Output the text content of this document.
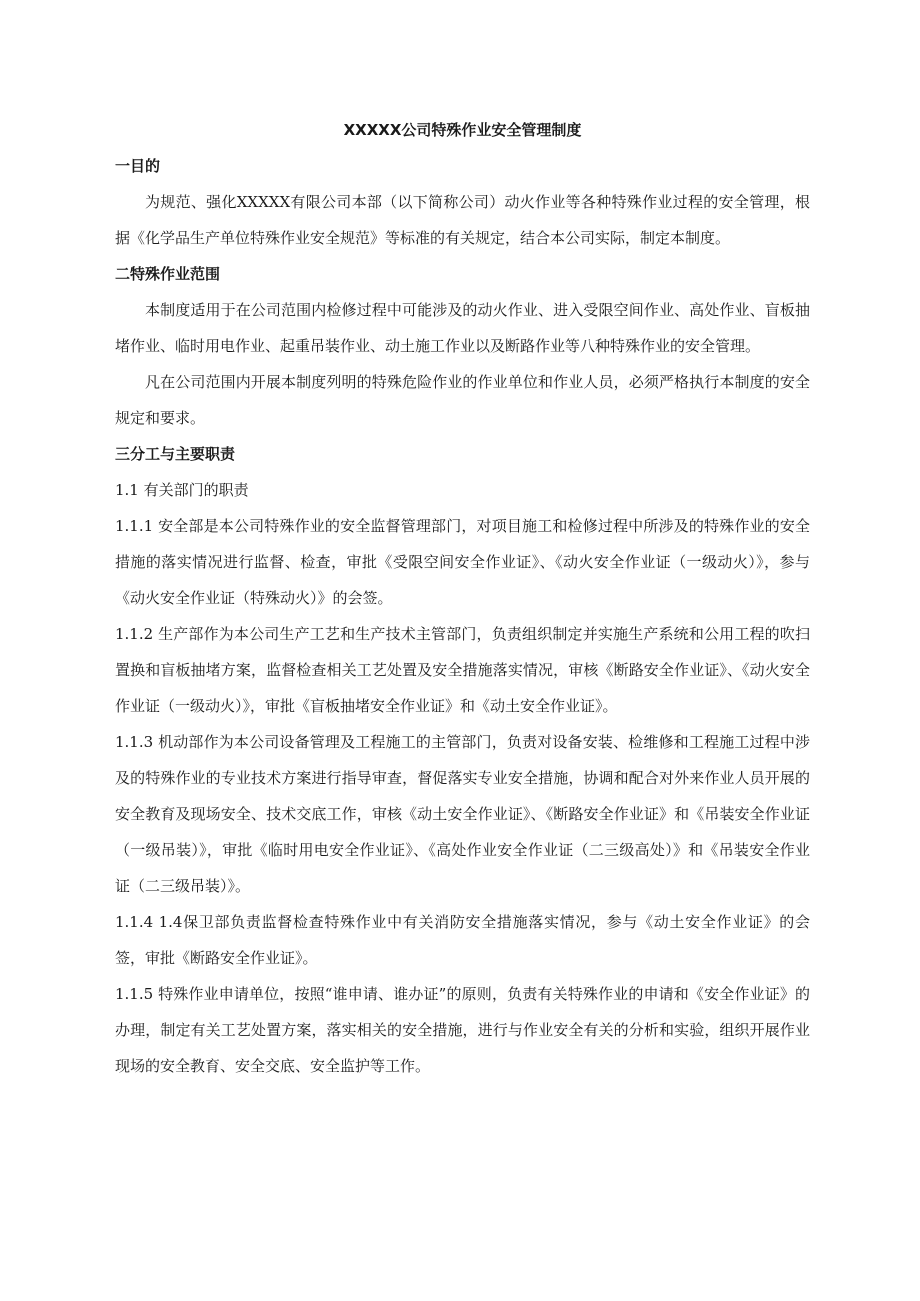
XXXXX公司特殊作业安全管理制度
一目的

为规范、强化XXXXX有限公司本部（以下简称公司）动火作业等各种特殊作业过程的安全管理，根据《化学品生产单位特殊作业安全规范》等标准的有关规定，结合本公司实际，制定本制度。

二特殊作业范围

本制度适用于在公司范围内检修过程中可能涉及的动火作业、进入受限空间作业、高处作业、盲板抽堵作业、临时用电作业、起重吊装作业、动土施工作业以及断路作业等八种特殊作业的安全管理。

凡在公司范围内开展本制度列明的特殊危险作业的作业单位和作业人员，必须严格执行本制度的安全规定和要求。

三分工与主要职责

1.1 有关部门的职责

1.1.1 安全部是本公司特殊作业的安全监督管理部门，对项目施工和检修过程中所涉及的特殊作业的安全措施的落实情况进行监督、检查，审批《受限空间安全作业证》、《动火安全作业证（一级动火）》，参与《动火安全作业证（特殊动火）》的会签。

1.1.2 生产部作为本公司生产工艺和生产技术主管部门，负责组织制定并实施生产系统和公用工程的吹扫置换和盲板抽堵方案，监督检查相关工艺处置及安全措施落实情况，审核《断路安全作业证》、《动火安全作业证（一级动火）》，审批《盲板抽堵安全作业证》和《动土安全作业证》。

1.1.3 机动部作为本公司设备管理及工程施工的主管部门，负责对设备安装、检维修和工程施工过程中涉及的特殊作业的专业技术方案进行指导审查，督促落实专业安全措施，协调和配合对外来作业人员开展的安全教育及现场安全、技术交底工作，审核《动土安全作业证》、《断路安全作业证》和《吊装安全作业证（一级吊装）》，审批《临时用电安全作业证》、《高处作业安全作业证（二三级高处）》和《吊装安全作业证（二三级吊装）》。

1.1.4 1.4保卫部负责监督检查特殊作业中有关消防安全措施落实情况，参与《动土安全作业证》的会签，审批《断路安全作业证》。

1.1.5 特殊作业申请单位，按照“谁申请、谁办证”的原则，负责有关特殊作业的申请和《安全作业证》的办理，制定有关工艺处置方案，落实相关的安全措施，进行与作业安全有关的分析和实验，组织开展作业现场的安全教育、安全交底、安全监护等工作。
